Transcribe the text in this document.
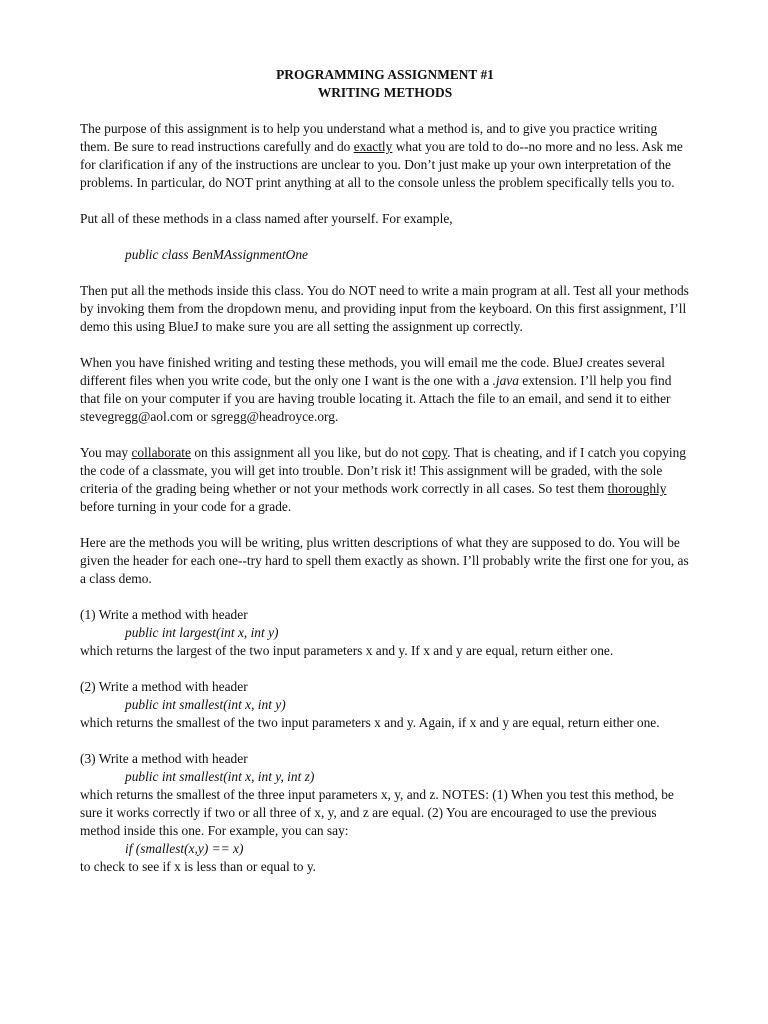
PROGRAMMING ASSIGNMENT #1
WRITING METHODS

The purpose of this assignment is to help you understand what a method is, and to give you practice writing them. Be sure to read instructions carefully and do exactly what you are told to do--no more and no less. Ask me for clarification if any of the instructions are unclear to you. Don’t just make up your own interpretation of the problems. In particular, do NOT print anything at all to the console unless the problem specifically tells you to.

Put all of these methods in a class named after yourself. For example,

public class BenMAssignmentOne

Then put all the methods inside this class. You do NOT need to write a main program at all. Test all your methods by invoking them from the dropdown menu, and providing input from the keyboard. On this first assignment, I’ll demo this using BlueJ to make sure you are all setting the assignment up correctly.

When you have finished writing and testing these methods, you will email me the code. BlueJ creates several different files when you write code, but the only one I want is the one with a .java extension. I’ll help you find that file on your computer if you are having trouble locating it. Attach the file to an email, and send it to either stevegregg@aol.com or sgregg@headroyce.org.

You may collaborate on this assignment all you like, but do not copy. That is cheating, and if I catch you copying the code of a classmate, you will get into trouble. Don’t risk it! This assignment will be graded, with the sole criteria of the grading being whether or not your methods work correctly in all cases. So test them thoroughly before turning in your code for a grade.

Here are the methods you will be writing, plus written descriptions of what they are supposed to do. You will be given the header for each one--try hard to spell them exactly as shown. I’ll probably write the first one for you, as a class demo.

(1) Write a method with header
public int largest(int x, int y)
which returns the largest of the two input parameters x and y. If x and y are equal, return either one.
(2) Write a method with header
public int smallest(int x, int y)
which returns the smallest of the two input parameters x and y. Again, if x and y are equal, return either one.
(3) Write a method with header
public int smallest(int x, int y, int z)
which returns the smallest of the three input parameters x, y, and z. NOTES: (1) When you test this method, be sure it works correctly if two or all three of x, y, and z are equal. (2) You are encouraged to use the previous method inside this one. For example, you can say:
if (smallest(x,y) == x)
to check to see if x is less than or equal to y.
